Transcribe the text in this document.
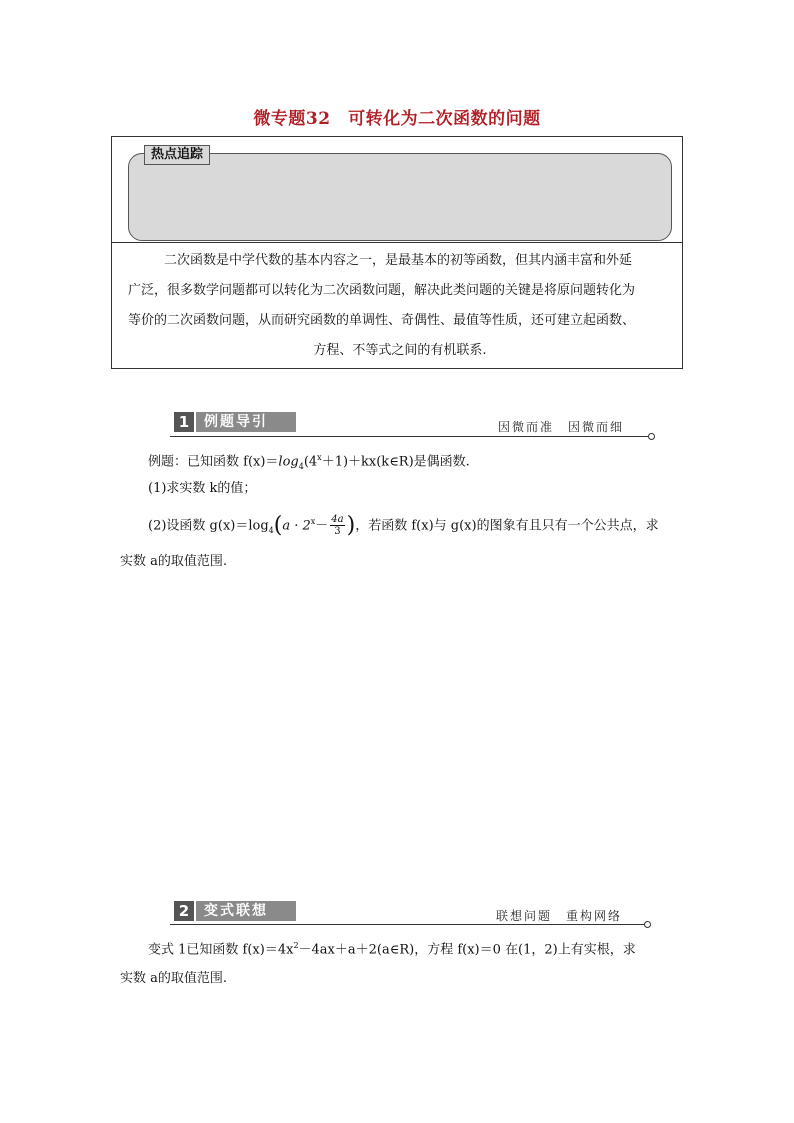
微专题32　可转化为二次函数的问题
热点追踪
二次函数是中学代数的基本内容之一，是最基本的初等函数，但其内涵丰富和外延
广泛，很多数学问题都可以转化为二次函数问题，解决此类问题的关键是将原问题转化为
等价的二次函数问题，从而研究函数的单调性、奇偶性、最值等性质，还可建立起函数、
方程、不等式之间的有机联系.
1	例题导引	因微而准　因微而细
例题：已知函数 $f(x)=\log_4(4^x+1)+kx(k\in R)$是偶函数.
(1)求实数 k的值；
(2)设函数 $g(x)=\log_4(a \cdot 2^x- \frac{4a}{3}$ )，若函数 f(x)与 g(x)的图象有且只有一个公共点，求
实数 a的取值范围.
2	变式联想	联想问题　重构网络
变式 1已知函数 $f(x)=4x^2-4ax+a+2(a\in R)$，方程 f(x)＝0 在(1，2)上有实根，求
实数 a的取值范围.
